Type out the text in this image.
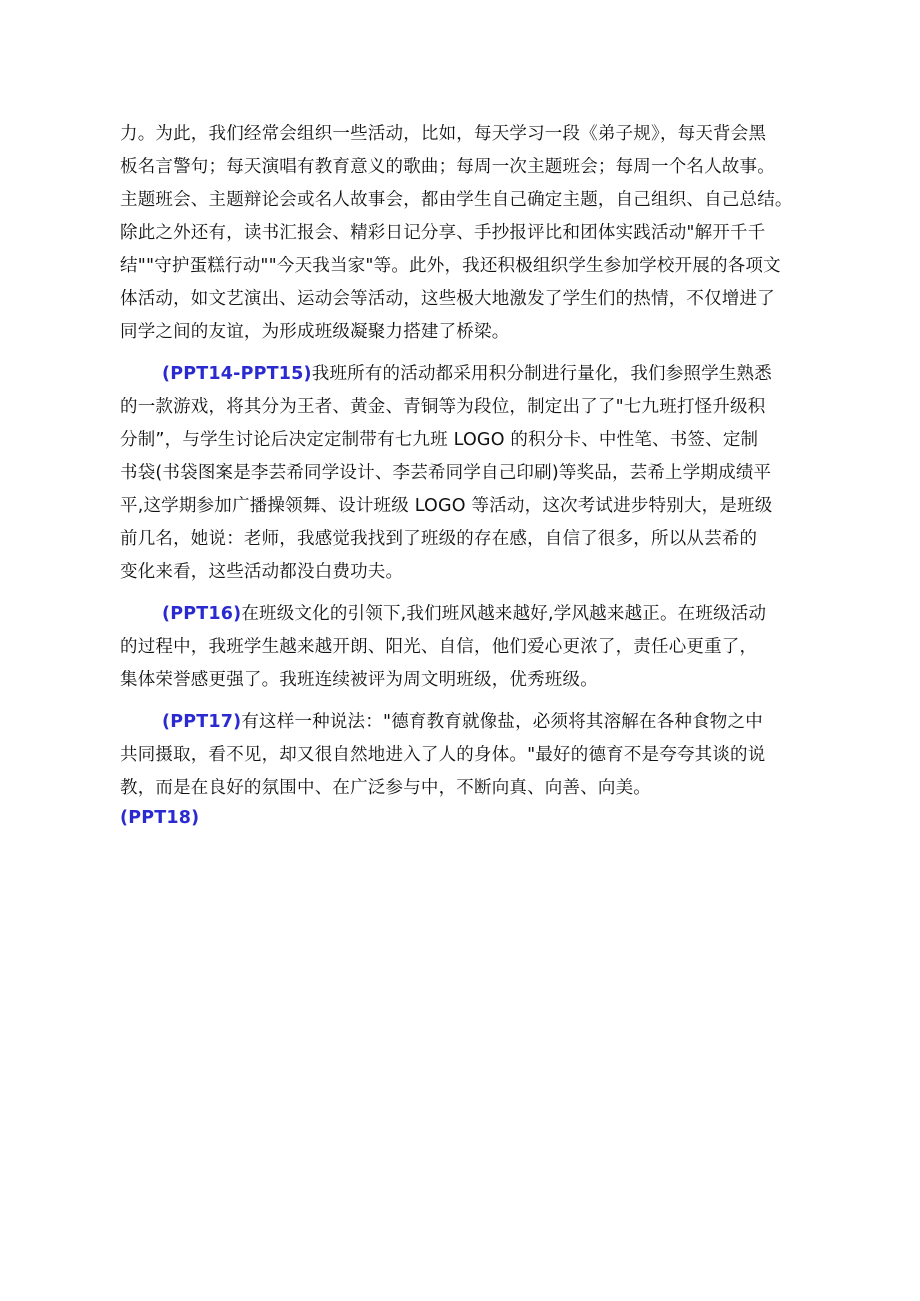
力。为此，我们经常会组织一些活动，比如，每天学习一段《弟子规》，每天背会黑
板名言警句；每天演唱有教育意义的歌曲；每周一次主题班会；每周一个名人故事。
主题班会、主题辩论会或名人故事会，都由学生自己确定主题，自己组织、自己总结。
除此之外还有，读书汇报会、精彩日记分享、手抄报评比和团体实践活动"解开千千
结""守护蛋糕行动""今天我当家"等。此外，我还积极组织学生参加学校开展的各项文
体活动，如文艺演出、运动会等活动，这些极大地激发了学生们的热情，不仅增进了
同学之间的友谊，为形成班级凝聚力搭建了桥梁。
(PPT14-PPT15)我班所有的活动都采用积分制进行量化，我们参照学生熟悉
的一款游戏，将其分为王者、黄金、青铜等为段位，制定出了了"七九班打怪升级积
分制”，与学生讨论后决定定制带有七九班 LOGO 的积分卡、中性笔、书签、定制
书袋(书袋图案是李芸希同学设计、李芸希同学自己印刷)等奖品，芸希上学期成绩平
平,这学期参加广播操领舞、设计班级 LOGO 等活动，这次考试进步特别大，是班级
前几名，她说：老师，我感觉我找到了班级的存在感，自信了很多，所以从芸希的
变化来看，这些活动都没白费功夫。
(PPT16)在班级文化的引领下,我们班风越来越好,学风越来越正。在班级活动
的过程中，我班学生越来越开朗、阳光、自信，他们爱心更浓了，责任心更重了，
集体荣誉感更强了。我班连续被评为周文明班级，优秀班级。
(PPT17)有这样一种说法："德育教育就像盐，必须将其溶解在各种食物之中
共同摄取，看不见，却又很自然地进入了人的身体。"最好的德育不是夸夸其谈的说
教，而是在良好的氛围中、在广泛参与中，不断向真、向善、向美。
(PPT18)
